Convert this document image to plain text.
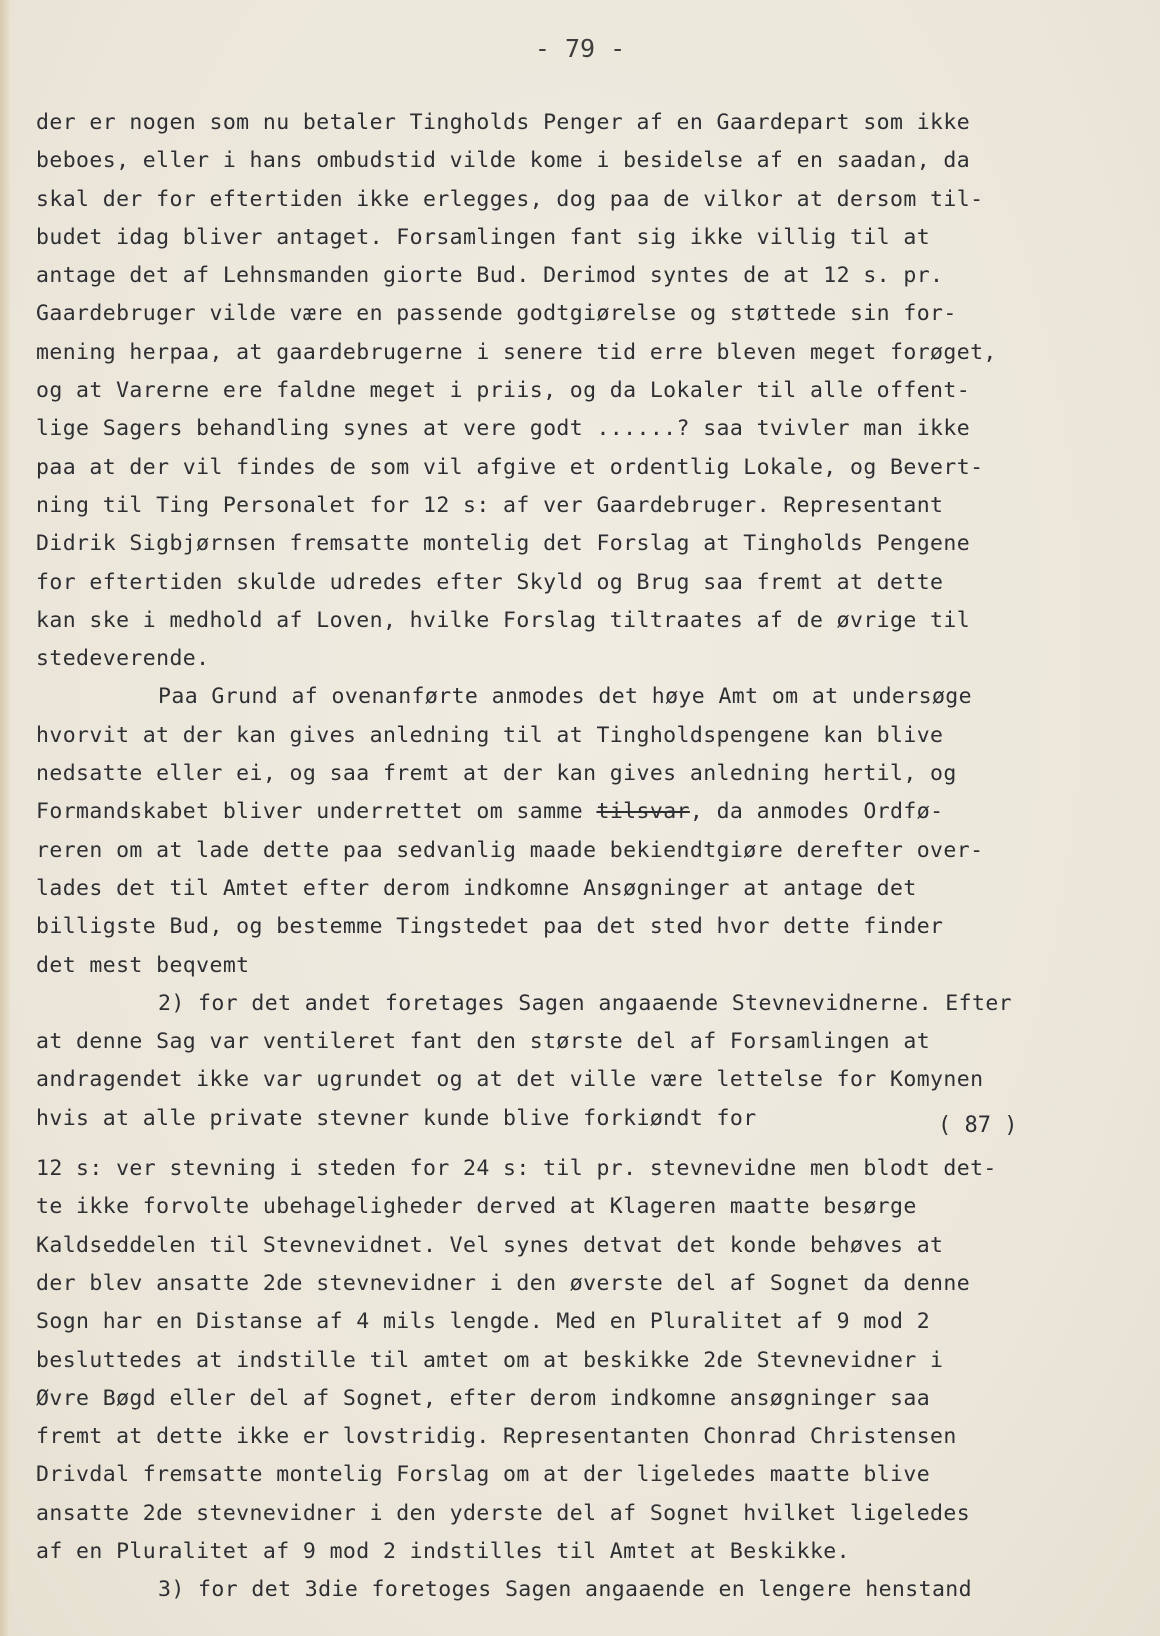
- 79 -
der er nogen som nu betaler Tingholds Penger af en Gaardepart som ikke
beboes, eller i hans ombudstid vilde kome i besidelse af en saadan, da
skal der for eftertiden ikke erlegges, dog paa de vilkor at dersom til-
budet idag bliver antaget. Forsamlingen fant sig ikke villig til at
antage det af Lehnsmanden giorte Bud. Derimod syntes de at 12 s. pr.
Gaardebruger vilde være en passende godtgiørelse og støttede sin for-
mening herpaa, at gaardebrugerne i senere tid erre bleven meget forøget,
og at Varerne ere faldne meget i priis, og da Lokaler til alle offent-
lige Sagers behandling synes at vere godt ......? saa tvivler man ikke
paa at der vil findes de som vil afgive et ordentlig Lokale, og Bevert-
ning til Ting Personalet for 12 s: af ver Gaardebruger. Representant
Didrik Sigbjørnsen fremsatte montelig det Forslag at Tingholds Pengene
for eftertiden skulde udredes efter Skyld og Brug saa fremt at dette
kan ske i medhold af Loven, hvilke Forslag tiltraates af de øvrige til
stedeverende.
Paa Grund af ovenanførte anmodes det høye Amt om at undersøge
hvorvit at der kan gives anledning til at Tingholdspengene kan blive
nedsatte eller ei, og saa fremt at der kan gives anledning hertil, og
Formandskabet bliver underrettet om samme tilsvar, da anmodes Ordfø-
reren om at lade dette paa sedvanlig maade bekiendtgiøre derefter over-
lades det til Amtet efter derom indkomne Ansøgninger at antage det
billigste Bud, og bestemme Tingstedet paa det sted hvor dette finder
det mest beqvemt
2) for det andet foretages Sagen angaaende Stevnevidnerne. Efter
at denne Sag var ventileret fant den største del af Forsamlingen at
andragendet ikke var ugrundet og at det ville være lettelse for Komynen
hvis at alle private stevner kunde blive forkiøndt for
12 s: ver stevning i steden for 24 s: til pr. stevnevidne men blodt det-
te ikke forvolte ubehageligheder derved at Klageren maatte besørge
Kaldseddelen til Stevnevidnet. Vel synes detvat det konde behøves at
der blev ansatte 2de stevnevidner i den øverste del af Sognet da denne
Sogn har en Distanse af 4 mils lengde. Med en Pluralitet af 9 mod 2
besluttedes at indstille til amtet om at beskikke 2de Stevnevidner i
Øvre Bøgd eller del af Sognet, efter derom indkomne ansøgninger saa
fremt at dette ikke er lovstridig. Representanten Chonrad Christensen
Drivdal fremsatte montelig Forslag om at der ligeledes maatte blive
ansatte 2de stevnevidner i den yderste del af Sognet hvilket ligeledes
af en Pluralitet af 9 mod 2 indstilles til Amtet at Beskikke.
3) for det 3die foretoges Sagen angaaende en lengere henstand
( 87 )
